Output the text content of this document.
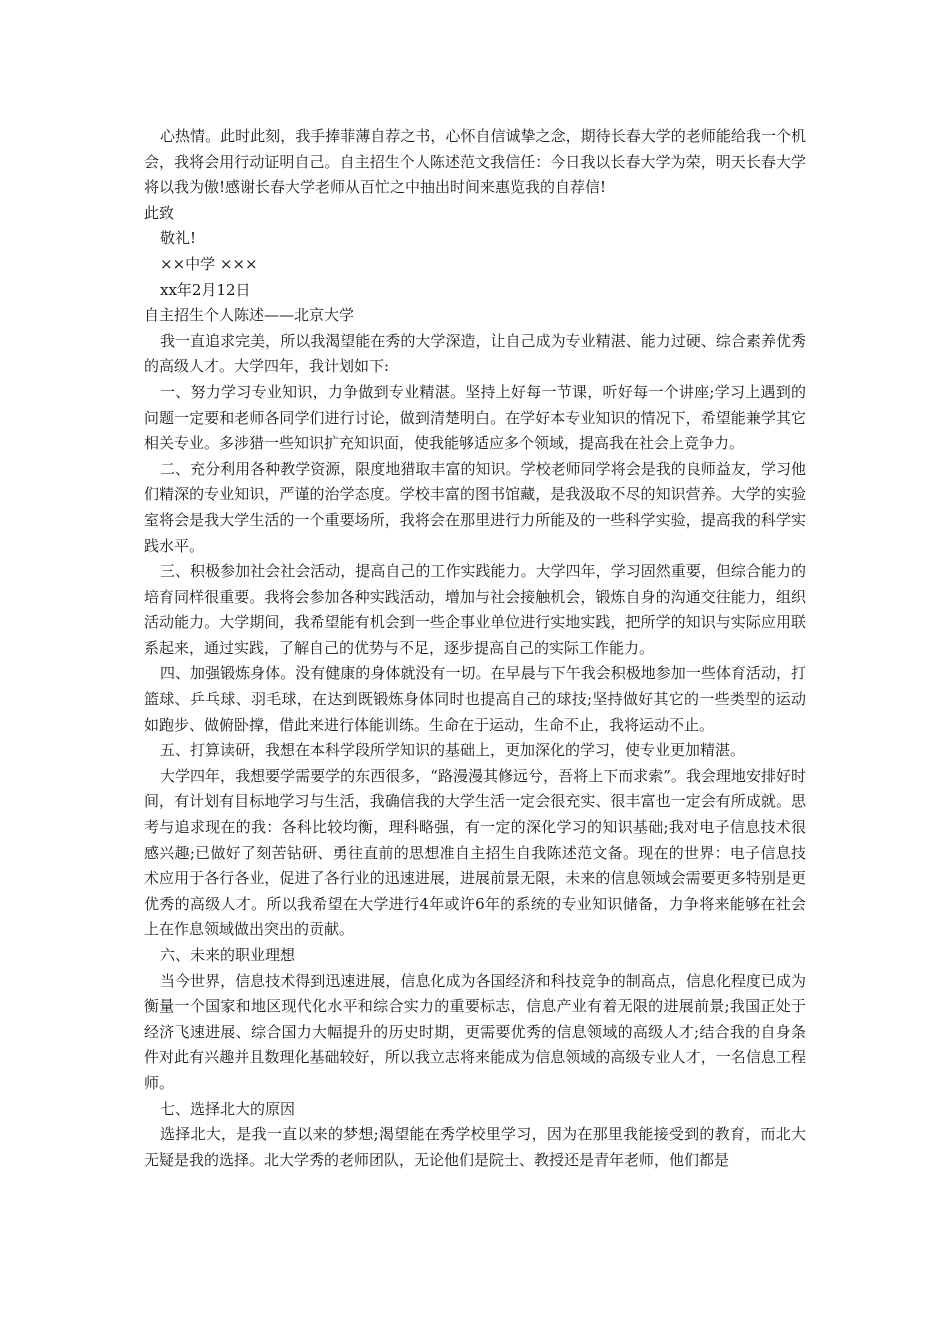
心热情。此时此刻，我手捧菲薄自荐之书，心怀自信诚挚之念，期待长春大学的老师能给我一个机会，我将会用行动证明自己。自主招生个人陈述范文我信任：今日我以长春大学为荣，明天长春大学将以我为傲!感谢长春大学老师从百忙之中抽出时间来惠览我的自荐信!

此致

敬礼!

××中学 ×××

xx年2月12日

自主招生个人陈述——北京大学

我一直追求完美，所以我渴望能在秀的大学深造，让自己成为专业精湛、能力过硬、综合素养优秀的高级人才。大学四年，我计划如下:

一、努力学习专业知识，力争做到专业精湛。坚持上好每一节课，听好每一个讲座;学习上遇到的问题一定要和老师各同学们进行讨论，做到清楚明白。在学好本专业知识的情况下，希望能兼学其它相关专业。多涉猎一些知识扩充知识面，使我能够适应多个领域，提高我在社会上竞争力。

二、充分利用各种教学资源，限度地猎取丰富的知识。学校老师同学将会是我的良师益友，学习他们精深的专业知识，严谨的治学态度。学校丰富的图书馆藏，是我汲取不尽的知识营养。大学的实验室将会是我大学生活的一个重要场所，我将会在那里进行力所能及的一些科学实验，提高我的科学实践水平。

三、积极参加社会社会活动，提高自己的工作实践能力。大学四年，学习固然重要，但综合能力的培育同样很重要。我将会参加各种实践活动，增加与社会接触机会，锻炼自身的沟通交往能力，组织活动能力。大学期间，我希望能有机会到一些企事业单位进行实地实践，把所学的知识与实际应用联系起来，通过实践，了解自己的优势与不足，逐步提高自己的实际工作能力。

四、加强锻炼身体。没有健康的身体就没有一切。在早晨与下午我会积极地参加一些体育活动，打篮球、乒乓球、羽毛球，在达到既锻炼身体同时也提高自己的球技;坚持做好其它的一些类型的运动如跑步、做俯卧撑，借此来进行体能训练。生命在于运动，生命不止，我将运动不止。

五、打算读研，我想在本科学段所学知识的基础上，更加深化的学习，使专业更加精湛。

大学四年，我想要学需要学的东西很多，“路漫漫其修远兮，吾将上下而求索”。我会理地安排好时间，有计划有目标地学习与生活，我确信我的大学生活一定会很充实、很丰富也一定会有所成就。思考与追求现在的我：各科比较均衡，理科略强，有一定的深化学习的知识基础;我对电子信息技术很感兴趣;已做好了刻苦钻研、勇往直前的思想准自主招生自我陈述范文备。现在的世界：电子信息技术应用于各行各业，促进了各行业的迅速进展，进展前景无限，未来的信息领域会需要更多特别是更优秀的高级人才。所以我希望在大学进行4年或许6年的系统的专业知识储备，力争将来能够在社会上在作息领域做出突出的贡献。

六、未来的职业理想

当今世界，信息技术得到迅速进展，信息化成为各国经济和科技竞争的制高点，信息化程度已成为衡量一个国家和地区现代化水平和综合实力的重要标志，信息产业有着无限的进展前景;我国正处于经济飞速进展、综合国力大幅提升的历史时期，更需要优秀的信息领域的高级人才;结合我的自身条件对此有兴趣并且数理化基础较好，所以我立志将来能成为信息领域的高级专业人才，一名信息工程师。

七、选择北大的原因

选择北大，是我一直以来的梦想;渴望能在秀学校里学习，因为在那里我能接受到的教育，而北大无疑是我的选择。北大学秀的老师团队，无论他们是院士、教授还是青年老师，他们都是
